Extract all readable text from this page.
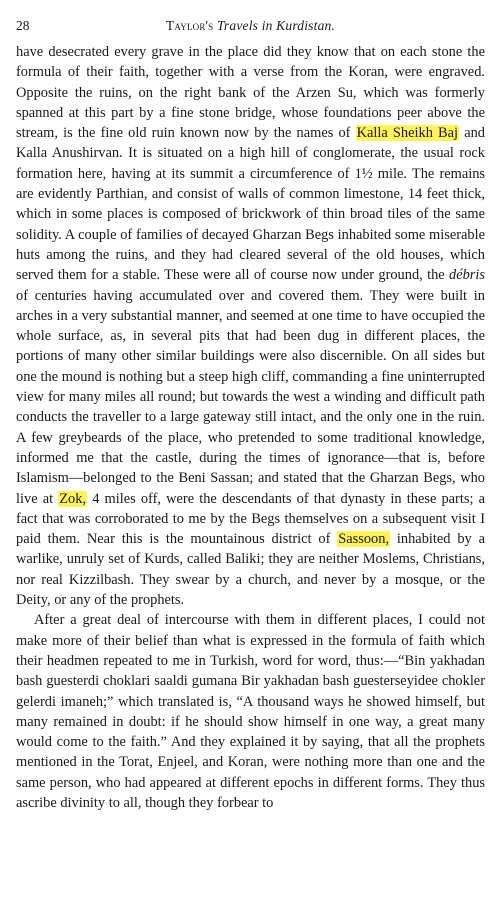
28	Taylor's Travels in Kurdistan.

have desecrated every grave in the place did they know that on each stone the formula of their faith, together with a verse from the Koran, were engraved. Opposite the ruins, on the right bank of the Arzen Su, which was formerly spanned at this part by a fine stone bridge, whose foundations peer above the stream, is the fine old ruin known now by the names of Kalla Sheikh Baj and Kalla Anushirvan. It is situated on a high hill of conglomerate, the usual rock formation here, having at its summit a circumference of 1½ mile. The remains are evidently Parthian, and consist of walls of common limestone, 14 feet thick, which in some places is composed of brickwork of thin broad tiles of the same solidity. A couple of families of decayed Gharzan Begs inhabited some miserable huts among the ruins, and they had cleared several of the old houses, which served them for a stable. These were all of course now under ground, the débris of centuries having accumulated over and covered them. They were built in arches in a very substantial manner, and seemed at one time to have occupied the whole surface, as, in several pits that had been dug in different places, the portions of many other similar buildings were also discernible. On all sides but one the mound is nothing but a steep high cliff, commanding a fine uninterrupted view for many miles all round; but towards the west a winding and difficult path conducts the traveller to a large gateway still intact, and the only one in the ruin. A few greybeards of the place, who pretended to some traditional knowledge, informed me that the castle, during the times of ignorance—that is, before Islamism—belonged to the Beni Sassan; and stated that the Gharzan Begs, who live at Zok, 4 miles off, were the descendants of that dynasty in these parts; a fact that was corroborated to me by the Begs themselves on a subsequent visit I paid them. Near this is the mountainous district of Sassoon, inhabited by a warlike, unruly set of Kurds, called Baliki; they are neither Moslems, Christians, nor real Kizzilbash. They swear by a church, and never by a mosque, or the Deity, or any of the prophets.

After a great deal of intercourse with them in different places, I could not make more of their belief than what is expressed in the formula of faith which their headmen repeated to me in Turkish, word for word, thus:—“Bin yakhadan bash guesterdi choklari saaldi gumana Bir yakhadan bash guesterseyidee chokler gelerdi imaneh;” which translated is, “A thousand ways he showed himself, but many remained in doubt: if he should show himself in one way, a great many would come to the faith.” And they explained it by saying, that all the prophets mentioned in the Torat, Enjeel, and Koran, were nothing more than one and the same person, who had appeared at different epochs in different forms. They thus ascribe divinity to all, though they forbear to
